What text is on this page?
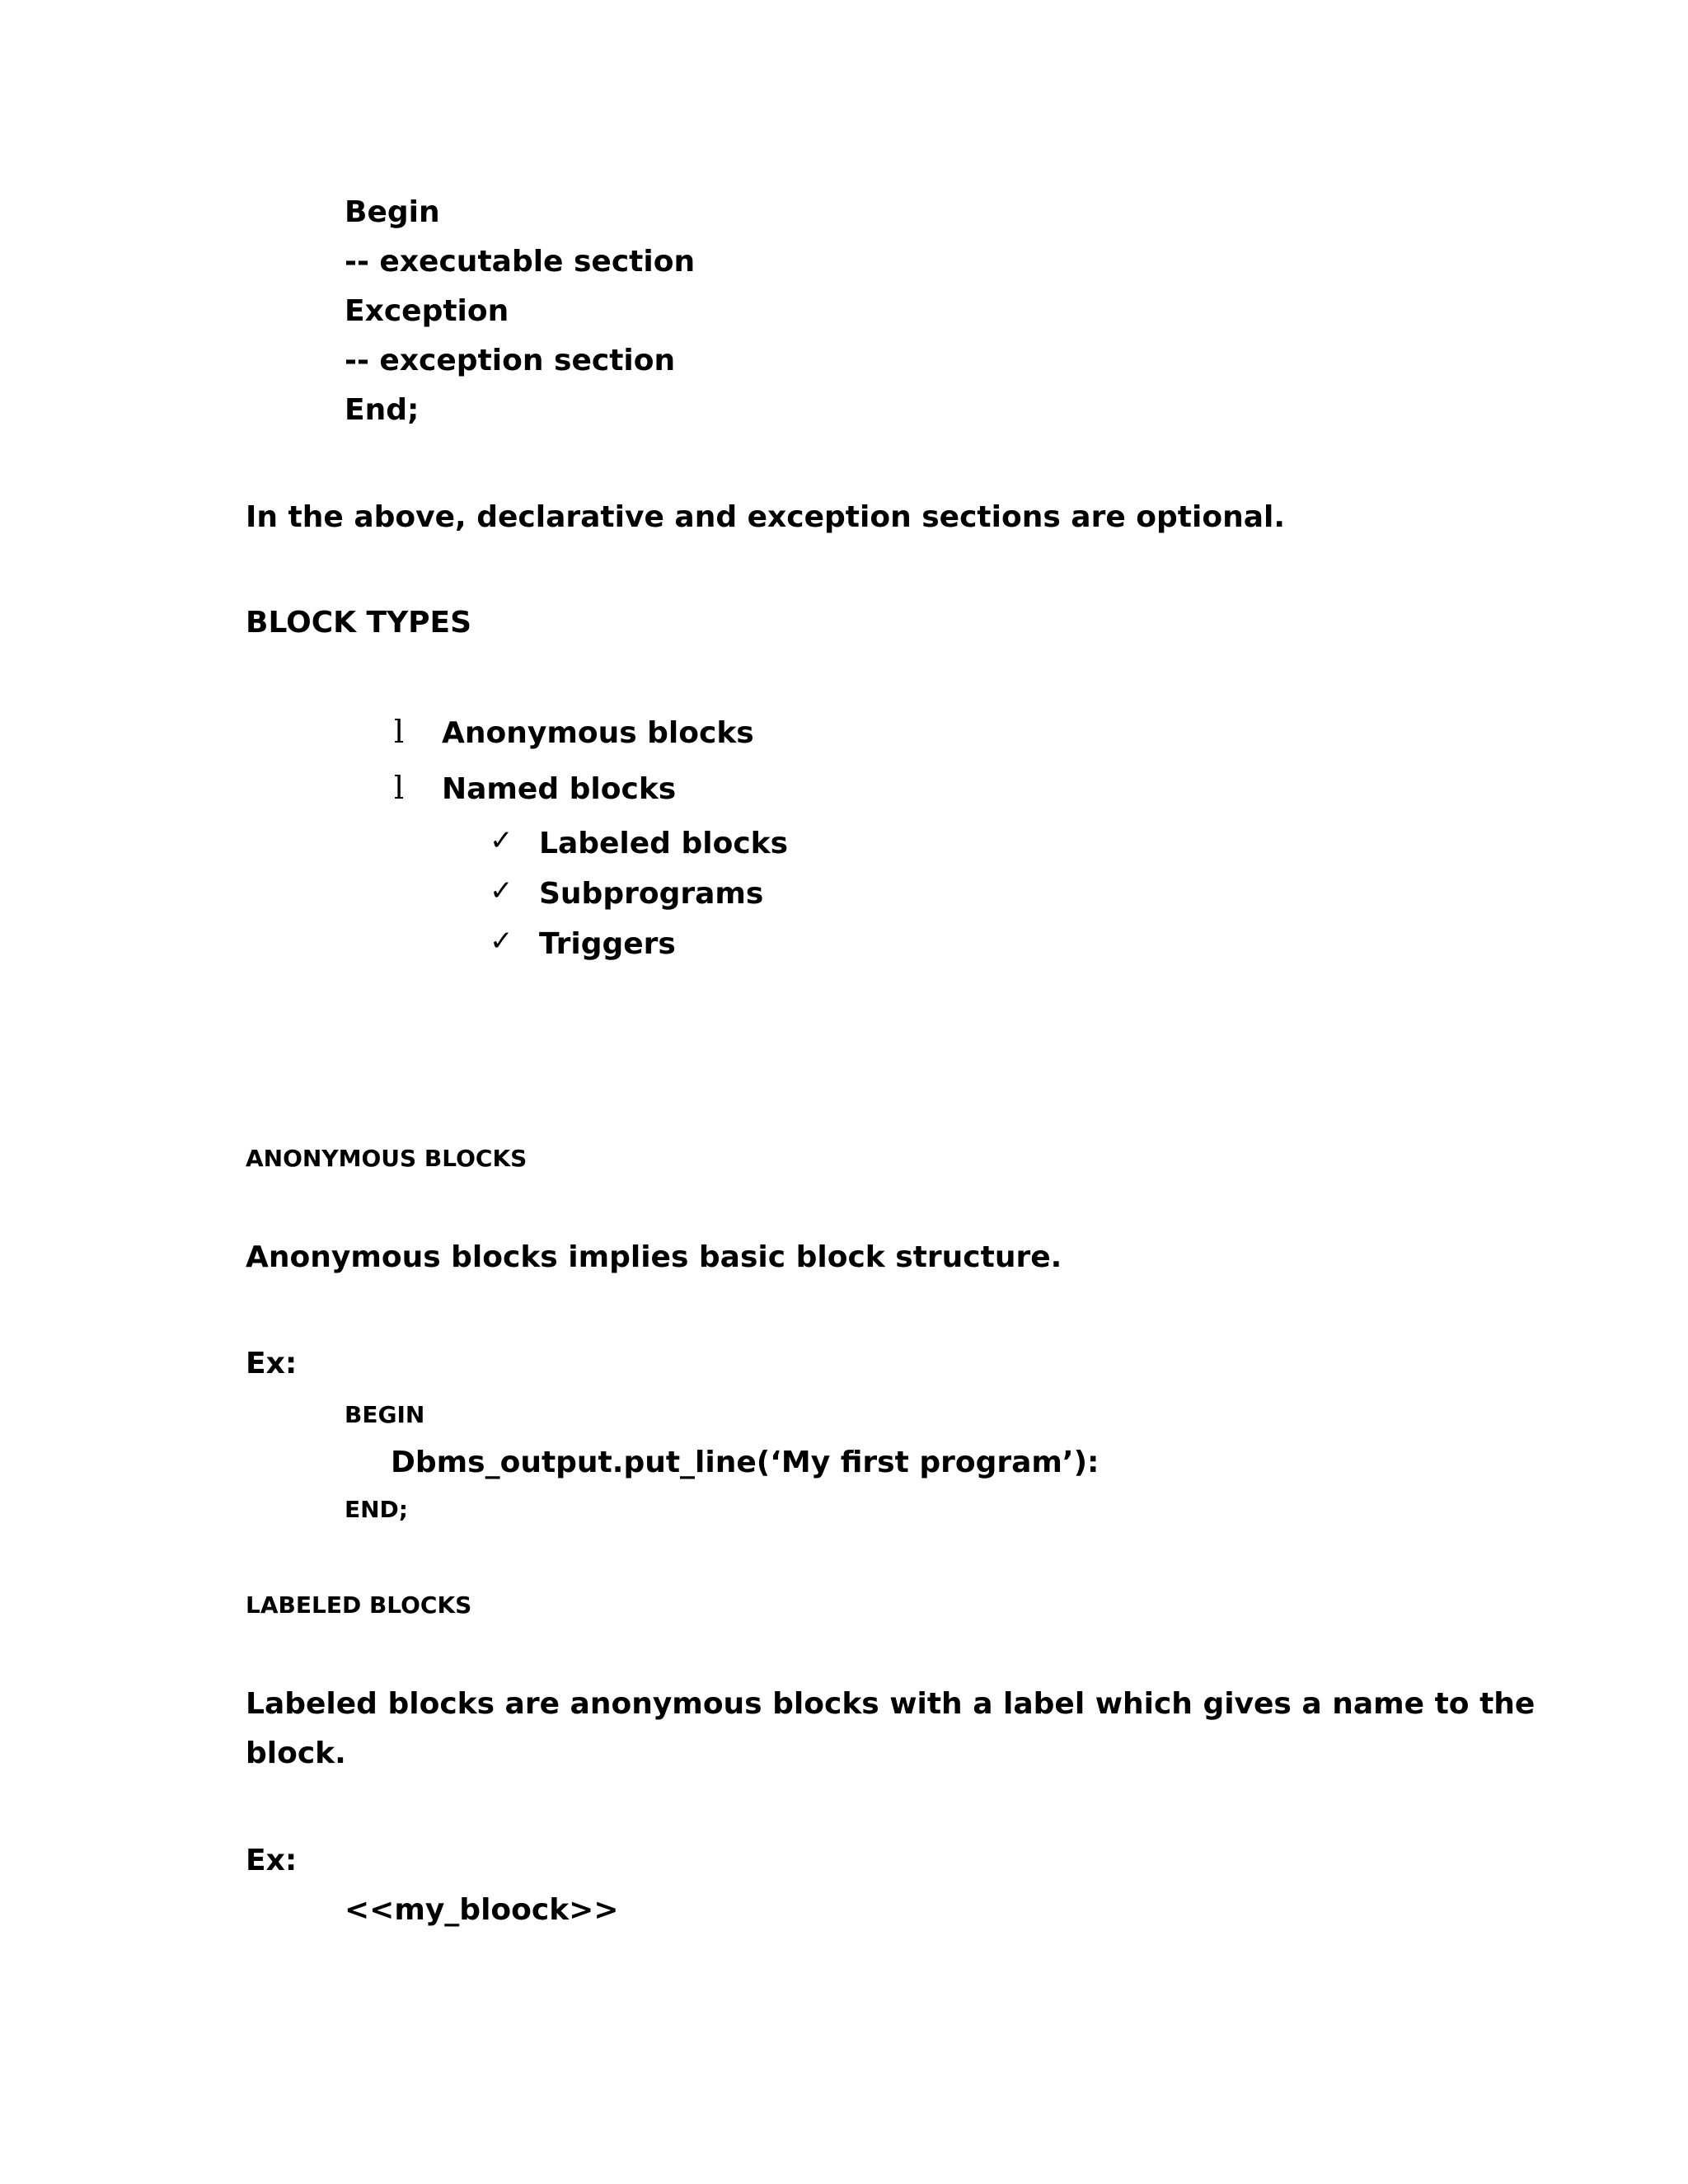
Begin
-- executable section
Exception
-- exception section
End;
In the above, declarative and exception sections are optional.
BLOCK TYPES
l Anonymous blocks
l Named blocks
✓ Labeled blocks
✓ Subprograms
✓ Triggers
ANONYMOUS BLOCKS
Anonymous blocks implies basic block structure.
Ex:
BEGIN
Dbms_output.put_line(‘My first program’):
END;
LABELED BLOCKS
Labeled blocks are anonymous blocks with a label which gives a name to the
block.
Ex:
<<my_bloock>>
